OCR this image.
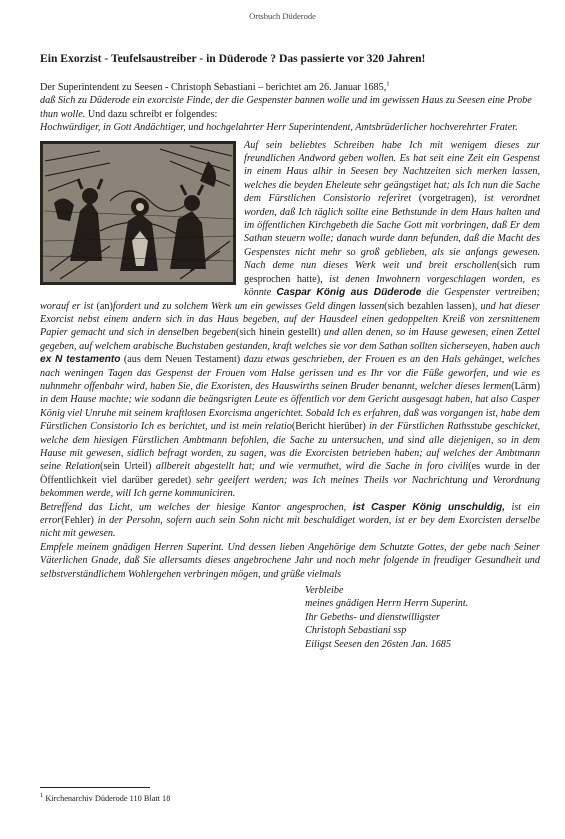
Ortsbuch Düderode
Ein Exorzist - Teufelsaustreiber - in Düderode ? Das passierte vor 320 Jahren!

Der Superintendent zu Seesen - Christoph Sebastiani – berichtet am 26. Januar 1685,$^1$

daß Sich zu Düderode ein exorciste Finde, der die Gespenster bannen wolle und im gewissen Haus zu Seesen eine Probe thun wolle. Und dazu schreibt er folgendes:

Hochwürdiger, in Gott Andächtiger, und hochgelahrter Herr Superintendent, Amtsbrüderlicher hochverehrter Frater.

Auf sein beliebtes Schreiben habe Ich mit wenigem dieses zur freundlichen Andword geben wollen. Es hat seit eine Zeit ein Gespenst in einem Haus alhir in Seesen bey Nachtzeiten sich merken lassen, welches die beyden Eheleute sehr geängstiget hat; als Ich nun die Sache dem Fürstlichen Consistorio referiret (vorgetragen), ist verordnet worden, daß Ich täglich sollte eine Bethstunde in dem Haus halten und im öffentlichen Kirchgebeth die Sache Gott mit vorbringen, daß Er dem Sathan steuern wolle; danach wurde dann befunden, daß die Macht des Gespenstes nicht mehr so groß geblieben, als sie anfangs gewesen. Nach deme nun dieses Werk weit und breit erschollen(sich rum gesprochen hatte), ist denen Inwohnern vorgeschlagen worden, es könnte Caspar König aus Düderode die Gespenster vertreiben; worauf er ist (an)fordert und zu solchem Werk um ein gewisses Geld dingen lassen(sich bezahlen lassen), und hat dieser Exorcist nebst einem andern sich in das Haus begeben, auf der Hausdeel einen gedoppelten Kreiß von zersnittenem Papier gemacht und sich in denselben begeben(sich hinein gestellt) und allen denen, so im Hause gewesen, einen Zettel gegeben, auf welchem arabische Buchstaben gestanden, kraft welches sie vor dem Sathan sollten sicherseyen, haben auch ex N testamento (aus dem Neuen Testament) dazu etwas geschrieben, der Frouen es an den Hals gehänget, welches nach weningen Tagen das Gespenst der Frouen vom Halse gerissen und es Ihr vor die Füße geworfen, und wie es nuhnmehr offenbahr wird, haben Sie, die Exoristen, des Hauswirths seinen Bruder benannt, welcher dieses lermen(Lärm) in dem Hause machte; wie sodann die beängsrigten Leute es öffentlich vor dem Gericht ausgesagt haben, hat also Casper König viel Unruhe mit seinem kraftlosen Exorcisma angerichtet. Sobald Ich es erfahren, daß was vorgangen ist, habe dem Fürstlichen Consistorio Ich es berichtet, und ist mein relatio(Bericht hierüber) in der Fürstlichen Rathsstube geschicket, welche dem hiesigen Fürstlichen Ambtmann befohlen, die Sache zu untersuchen, und sind alle diejenigen, so in dem Hause mit gewesen, sidlich befragt worden, zu sagen, was die Exorcisten betrieben haben; auf welches der Ambtmann seine Relation(sein Urteil) allbereit abgestellt hat; und wie vermuthet, wird die Sache in foro civili(es wurde in der Öffentlichkeit viel darüber geredet) sehr geeifert werden; was Ich meines Theils vor Nachrichtung und Verordnung bekommen werde, will Ich gerne kommuniciren.

Betreffend das Licht, um welches der hiesige Kantor angesprochen, ist Casper König unschuldig, ist ein error(Fehler) in der Persohn, sofern auch sein Sohn nicht mit beschuldiget worden, ist er bey dem Exorcisten derselbe nicht mit gewesen.

Empfele meinem gnädigen Herren Superint. Und dessen lieben Angehörige dem Schutzte Gottes, der gebe nach Seiner Väterlichen Gnade, daß Sie allersamts dieses angebrochene Jahr und noch mehr folgende in freudiger Gesundheit und selbstverständlichem Wohlergehen verbringen mögen, und grüße vielmals

Verbleibe

meines gnädigen Herrn Herrn Superint.

Ihr Gebeths- und dienstwilligster

Christoph Sebastiani ssp

Eiligst Seesen den 26sten Jan. 1685

$^1$ Kirchenarchiv Düderode 110 Blatt 18
